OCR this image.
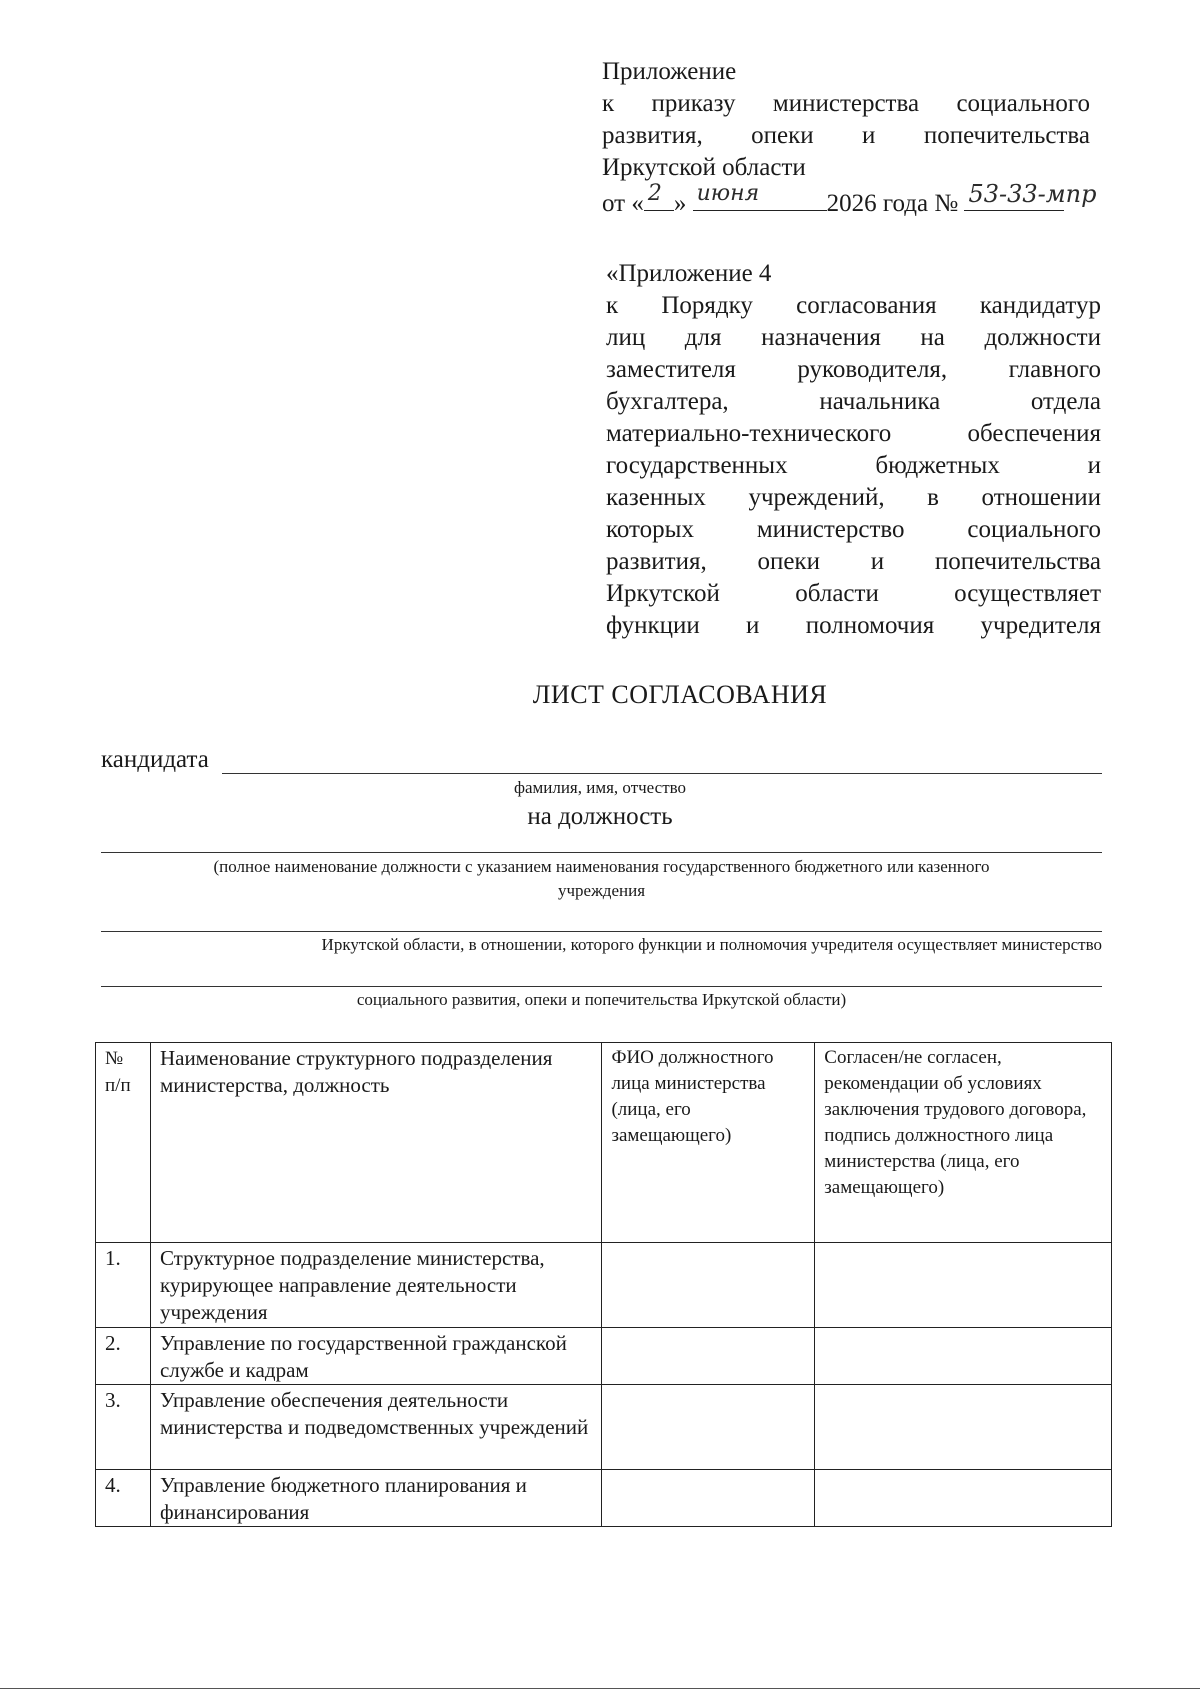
Приложение
к приказу министерства социального
развития, опеки и попечительства
Иркутской области
от « 2 » июня	2026 года № 53-33-мпр
«Приложение 4
к Порядку согласования кандидатур
лиц для назначения на должности
заместителя руководителя, главного
бухгалтера, начальника отдела
материально-технического обеспечения
государственных бюджетных и
казенных учреждений, в отношении
которых министерство социального
развития, опеки и попечительства
Иркутской области осуществляет
функции и полномочия учредителя
ЛИСТ СОГЛАСОВАНИЯ
кандидата
фамилия, имя, отчество
на должность
(полное наименование должности с указанием наименования государственного бюджетного или казенного
учреждения
Иркутской области, в отношении, которого функции и полномочия учредителя осуществляет министерство
социального развития, опеки и попечительства Иркутской области)
№ п/п	Наименование структурного подразделения министерства, должность	ФИО должностного лица министерства (лица, его замещающего)	Согласен/не согласен, рекомендации об условиях заключения трудового договора, подпись должностного лица министерства (лица, его замещающего)
1.	Структурное подразделение министерства, курирующее направление деятельности учреждения		
2.	Управление по государственной гражданской службе и кадрам		
3.	Управление обеспечения деятельности министерства и подведомственных учреждений		
4.	Управление бюджетного планирования и финансирования		
